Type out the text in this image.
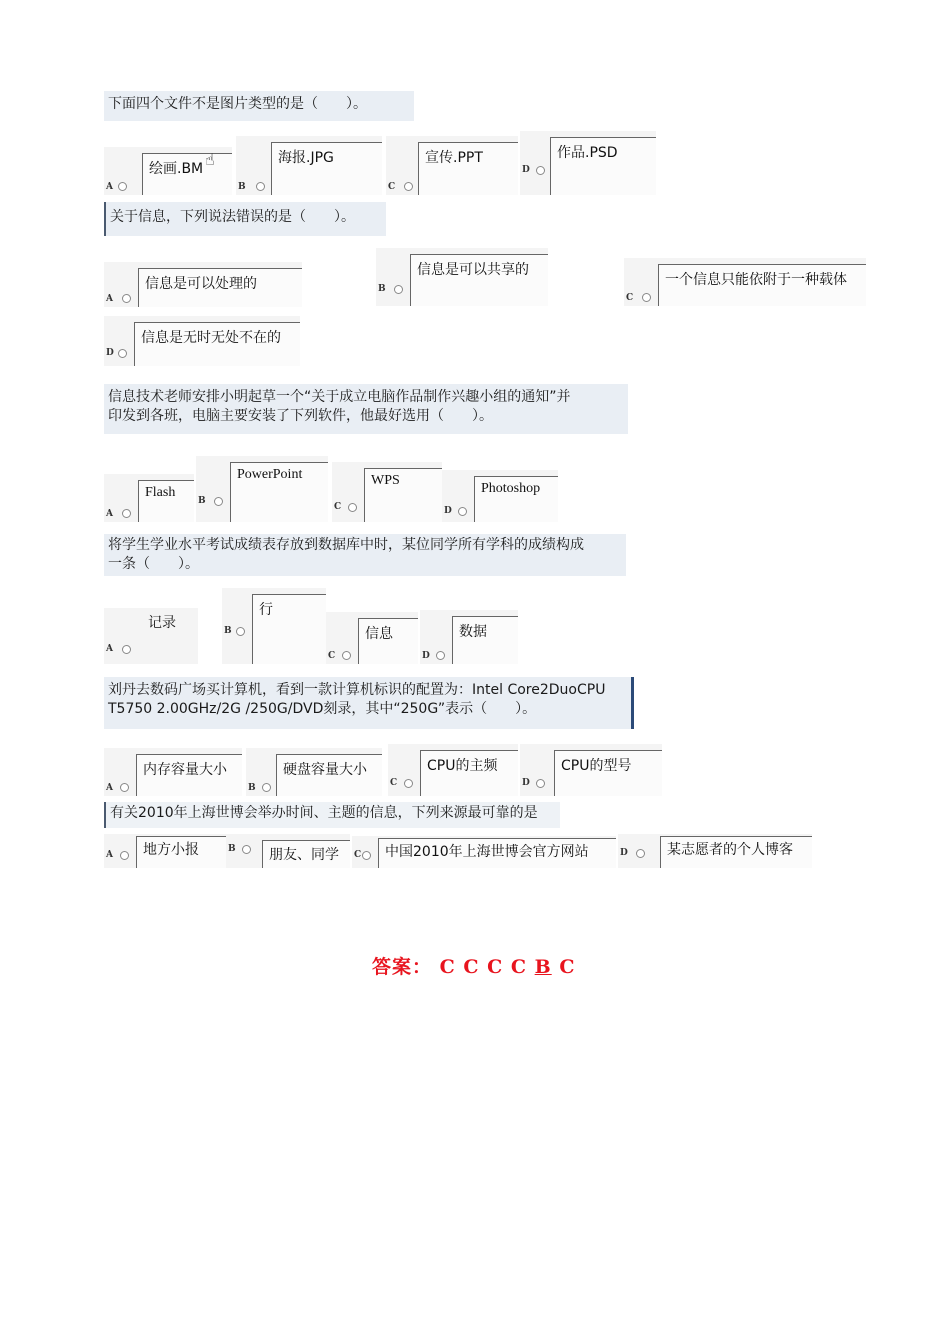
下面四个文件不是图片类型的是（　　）。
A
绘画.BM ☝
B
海报.JPG
C
宣传.PPT
D
作品.PSD
关于信息，下列说法错误的是（　　）。
A
信息是可以处理的	B
信息是可以共享的
C
一个信息只能依附于一种载体
D
信息是无时无处不在的
信息技术老师安排小明起草一个“关于成立电脑作品制作兴趣小组的通知”并
印发到各班，电脑主要安装了下列软件，他最好选用（　　）。
A
Flash
B
PowerPoint
C
WPS
D
Photoshop
将学生学业水平考试成绩表存放到数据库中时，某位同学所有学科的成绩构成
一条（　　）。
A
记录	B
行
C
信息
D
数据
刘丹去数码广场买计算机，看到一款计算机标识的配置为：Intel Core2DuoCPU
T5750 2.00GHz/2G /250G/DVD刻录，其中“250G”表示（　　）。
A
内存容量大小
B
硬盘容量大小
C
CPU的主频
D
CPU的型号
有关2010年上海世博会举办时间、主题的信息，下列来源最可靠的是
A	地方小报	B	朋友、同学	C	中国2010年上海世博会官方网站	D	某志愿者的个人博客
答案： C C C C B C
